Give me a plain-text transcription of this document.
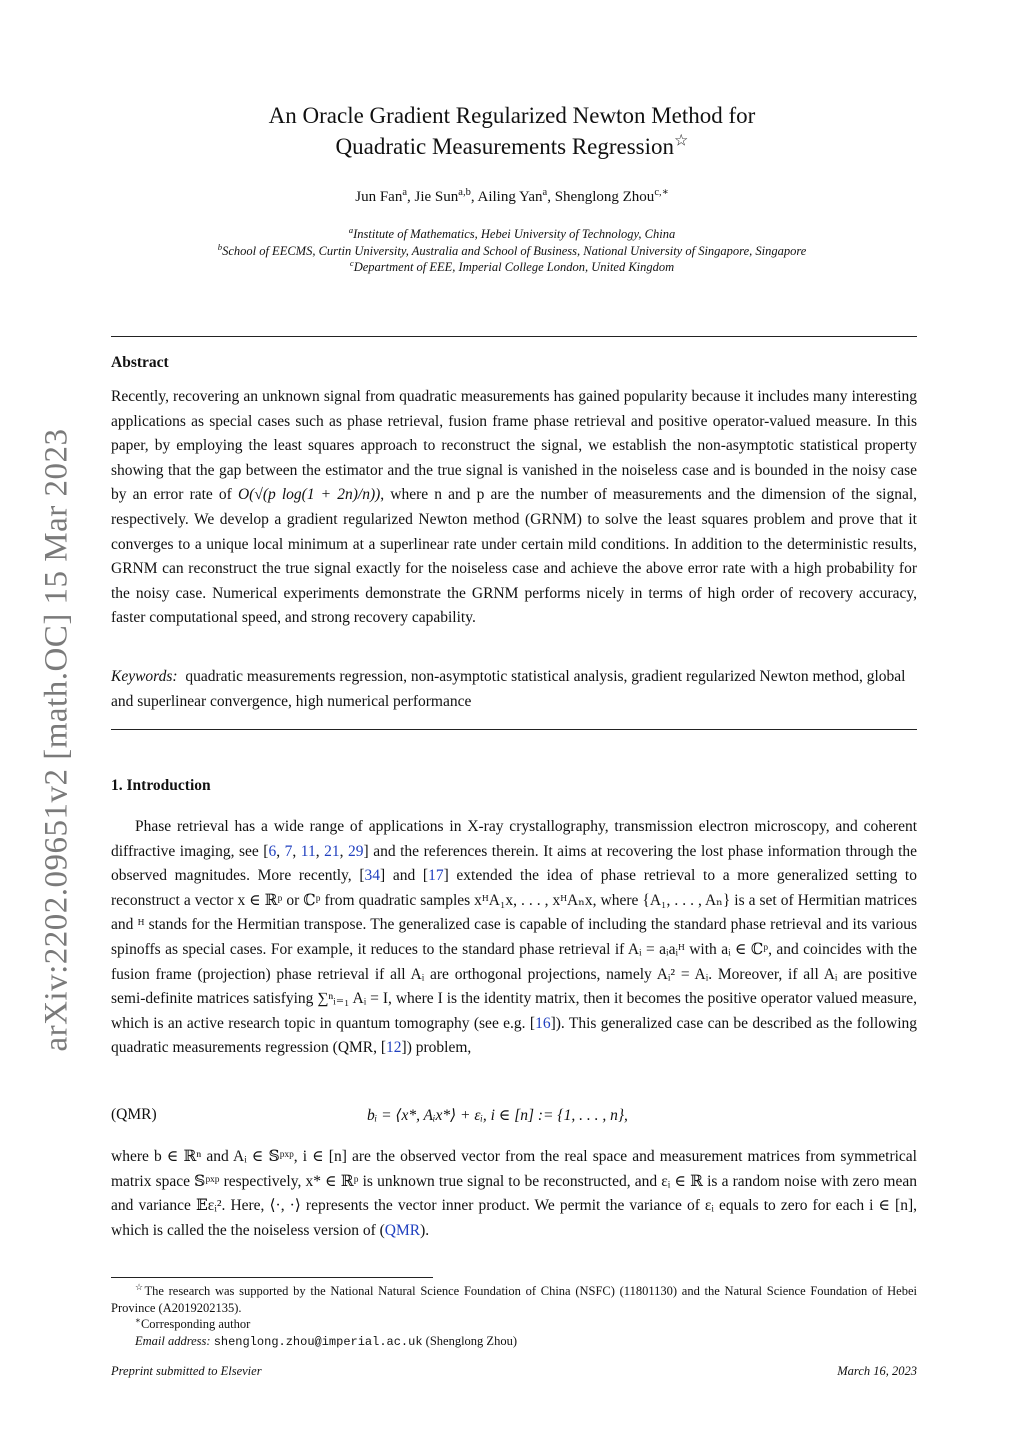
arXiv:2202.09651v2 [math.OC] 15 Mar 2023
An Oracle Gradient Regularized Newton Method for
Quadratic Measurements Regression☆
Jun Fan$^a$, Jie Sun$^{a,b}$, Ailing Yan$^a$, Shenglong Zhou$^{c,∗}$
$^a$Institute of Mathematics, Hebei University of Technology, China
$^b$School of EECMS, Curtin University, Australia and School of Business, National University of Singapore, Singapore
$^c$Department of EEE, Imperial College London, United Kingdom
Abstract

Recently, recovering an unknown signal from quadratic measurements has gained popularity because it includes many interesting applications as special cases such as phase retrieval, fusion frame phase retrieval and positive operator-valued measure. In this paper, by employing the least squares approach to reconstruct the signal, we establish the non-asymptotic statistical property showing that the gap between the estimator and the true signal is vanished in the noiseless case and is bounded in the noisy case by an error rate of O(√(p log(1 + 2n)/n)), where n and p are the number of measurements and the dimension of the signal, respectively. We develop a gradient regularized Newton method (GRNM) to solve the least squares problem and prove that it converges to a unique local minimum at a superlinear rate under certain mild conditions. In addition to the deterministic results, GRNM can reconstruct the true signal exactly for the noiseless case and achieve the above error rate with a high probability for the noisy case. Numerical experiments demonstrate the GRNM performs nicely in terms of high order of recovery accuracy, faster computational speed, and strong recovery capability.

Keywords: quadratic measurements regression, non-asymptotic statistical analysis, gradient regularized Newton method, global and superlinear convergence, high numerical performance

1. Introduction

Phase retrieval has a wide range of applications in X-ray crystallography, transmission electron microscopy, and coherent diffractive imaging, see [6, 7, 11, 21, 29] and the references therein. It aims at recovering the lost phase information through the observed magnitudes. More recently, [34] and [17] extended the idea of phase retrieval to a more generalized setting to reconstruct a vector x ∈ ℝᵖ or ℂᵖ from quadratic samples xᴴA₁x, . . . , xᴴAₙx, where {A₁, . . . , Aₙ} is a set of Hermitian matrices and ᴴ stands for the Hermitian transpose. The generalized case is capable of including the standard phase retrieval and its various spinoffs as special cases. For example, it reduces to the standard phase retrieval if Aᵢ = aᵢaᵢᴴ with aᵢ ∈ ℂᵖ, and coincides with the fusion frame (projection) phase retrieval if all Aᵢ are orthogonal projections, namely Aᵢ² = Aᵢ. Moreover, if all Aᵢ are positive semi-definite matrices satisfying ∑ⁿᵢ₌₁ Aᵢ = I, where I is the identity matrix, then it becomes the positive operator valued measure, which is an active research topic in quantum tomography (see e.g. [16]). This generalized case can be described as the following quadratic measurements regression (QMR, [12]) problem,

(QMR)	bᵢ = ⟨x*, Aᵢx*⟩ + εᵢ, i ∈ [n] := {1, . . . , n},

where b ∈ ℝⁿ and Aᵢ ∈ 𝕊ᵖˣᵖ, i ∈ [n] are the observed vector from the real space and measurement matrices from symmetrical matrix space 𝕊ᵖˣᵖ respectively, x* ∈ ℝᵖ is unknown true signal to be reconstructed, and εᵢ ∈ ℝ is a random noise with zero mean and variance 𝔼εᵢ². Here, ⟨·, ·⟩ represents the vector inner product. We permit the variance of εᵢ equals to zero for each i ∈ [n], which is called the the noiseless version of (QMR).

☆The research was supported by the National Natural Science Foundation of China (NSFC) (11801130) and the Natural Science Foundation of Hebei Province (A2019202135).

∗Corresponding author

Email address: shenglong.zhou@imperial.ac.uk (Shenglong Zhou)

Preprint submitted to Elsevier	March 16, 2023
